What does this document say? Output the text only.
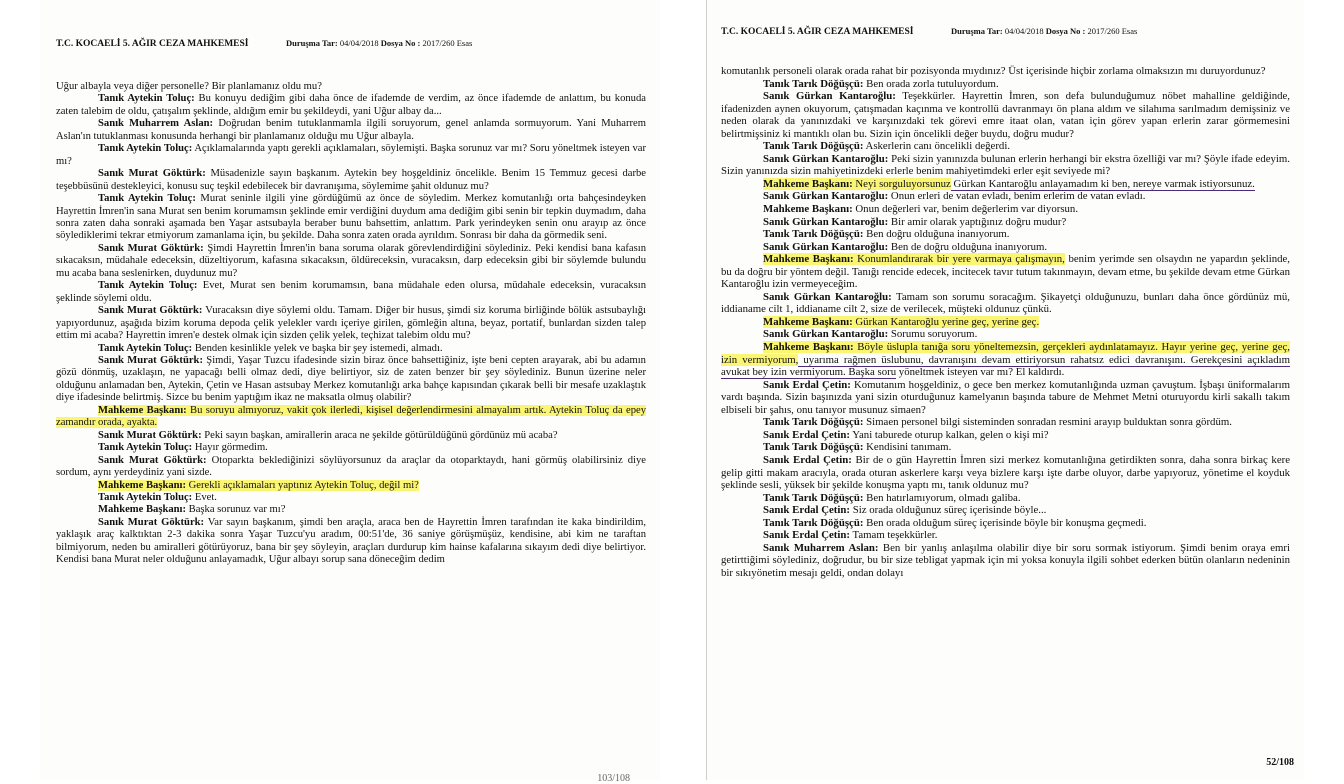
T.C. KOCAELİ 5. AĞIR CEZA MAHKEMESİ	Duruşma Tar: 04/04/2018 Dosya No : 2017/260 Esas

Uğur albayla veya diğer personelle? Bir planlamanız oldu mu?

Tanık Aytekin Toluç: Bu konuyu dediğim gibi daha önce de ifademde de verdim, az önce ifademde de anlattım, bu konuda zaten talebim de oldu, çatışalım şeklinde, aldığım emir bu şekildeydi, yani Uğur albay da...

Sanık Muharrem Aslan: Doğrudan benim tutuklanmamla ilgili soruyorum, genel anlamda sormuyorum. Yani Muharrem Aslan'ın tutuklanması konusunda herhangi bir planlamanız olduğu mu Uğur albayla.

Tanık Aytekin Toluç: Açıklamalarında yaptı gerekli açıklamaları, söylemişti. Başka sorunuz var mı? Soru yöneltmek isteyen var mı?

Sanık Murat Göktürk: Müsadenizle sayın başkanım. Aytekin bey hoşgeldiniz öncelikle. Benim 15 Temmuz gecesi darbe teşebbüsünü destekleyici, konusu suç teşkil edebilecek bir davranışıma, söylemime şahit oldunuz mu?

Tanık Aytekin Toluç: Murat seninle ilgili yine gördüğümü az önce de söyledim. Merkez komutanlığı orta bahçesindeyken Hayrettin İmren'in sana Murat sen benim korumamsın şeklinde emir verdiğini duydum ama dediğim gibi senin bir tepkin duymadım, daha sonra zaten daha sonraki aşamada ben Yaşar astsubayla beraber bunu bahsettim, anlattım. Park yerindeyken senin onu arayıp az önce söylediklerimi tekrar etmiyorum zamanlama için, bu şekilde. Daha sonra zaten orada ayrıldım. Sonrası bir daha da görmedik seni.

Sanık Murat Göktürk: Şimdi Hayrettin İmren'in bana soruma olarak görevlendirdiğini söylediniz. Peki kendisi bana kafasın sıkacaksın, müdahale edeceksin, düzeltiyorum, kafasına sıkacaksın, öldüreceksin, vuracaksın, darp edeceksin gibi bir söylemde bulundu mu acaba bana seslenirken, duydunuz mu?

Tanık Aytekin Toluç: Evet, Murat sen benim korumamsın, bana müdahale eden olursa, müdahale edeceksin, vuracaksın şeklinde söylemi oldu.

Sanık Murat Göktürk: Vuracaksın diye söylemi oldu. Tamam. Diğer bir husus, şimdi siz koruma birliğinde bölük astsubaylığı yapıyordunuz, aşağıda bizim koruma depoda çelik yelekler vardı içeriye girilen, gömleğin altına, beyaz, portatif, bunlardan sizden talep ettim mi acaba? Hayrettin imren'e destek olmak için sizden çelik yelek, teçhizat talebim oldu mu?

Tanık Aytekin Toluç: Benden kesinlikle yelek ve başka bir şey istemedi, almadı.

Sanık Murat Göktürk: Şimdi, Yaşar Tuzcu ifadesinde sizin biraz önce bahsettiğiniz, işte beni cepten arayarak, abi bu adamın gözü dönmüş, uzaklaşın, ne yapacağı belli olmaz dedi, diye belirtiyor, siz de zaten benzer bir şey söylediniz. Bunun üzerine neler olduğunu anlamadan ben, Aytekin, Çetin ve Hasan astsubay Merkez komutanlığı arka bahçe kapısından çıkarak belli bir mesafe uzaklaştık diye ifadesinde belirtmiş. Sizce bu benim yaptığım ikaz ne maksatla olmuş olabilir?

Mahkeme Başkanı: Bu soruyu almıyoruz, vakit çok ilerledi, kişisel değerlendirmesini almayalım artık. Aytekin Toluç da epey zamandır orada, ayakta.

Sanık Murat Göktürk: Peki sayın başkan, amirallerin araca ne şekilde götürüldüğünü gördünüz mü acaba?

Tanık Aytekin Toluç: Hayır görmedim.

Sanık Murat Göktürk: Otoparkta beklediğinizi söylüyorsunuz da araçlar da otoparktaydı, hani görmüş olabilirsiniz diye sordum, aynı yerdeydiniz yani sizde.

Mahkeme Başkanı: Gerekli açıklamaları yaptınız Aytekin Toluç, değil mi?

Tanık Aytekin Toluç: Evet.

Mahkeme Başkanı: Başka sorunuz var mı?

Sanık Murat Göktürk: Var sayın başkanım, şimdi ben araçla, araca ben de Hayrettin İmren tarafından ite kaka bindirildim, yaklaşık araç kalktıktan 2-3 dakika sonra Yaşar Tuzcu'yu aradım, 00:51'de, 36 saniye görüşmüşüz, kendisine, abi kim ne taraftan bilmiyorum, neden bu amiralleri götürüyoruz, bana bir şey söyleyin, araçları durdurup kim hainse kafalarına sıkayım dedi diye belirtiyor. Kendisi bana Murat neler olduğunu anlayamadık, Uğur albayı sorup sana döneceğim dedim

103/108
T.C. KOCAELİ 5. AĞIR CEZA MAHKEMESİ	Duruşma Tar: 04/04/2018 Dosya No : 2017/260 Esas

komutanlık personeli olarak orada rahat bir pozisyonda mıydınız? Üst içerisinde hiçbir zorlama olmaksızın mı duruyordunuz?

Tanık Tarık Döğüşçü: Ben orada zorla tutuluyordum.

Sanık Gürkan Kantaroğlu: Teşekkürler. Hayrettin İmren, son defa bulunduğumuz nöbet mahalline geldiğinde, ifadenizden aynen okuyorum, çatışmadan kaçınma ve kontrollü davranmayı ön plana aldım ve silahıma sarılmadım demişsiniz ve neden olarak da yanınızdaki ve karşınızdaki tek görevi emre itaat olan, vatan için görev yapan erlerin zarar görmemesini belirtmişsiniz ki mantıklı olan bu. Sizin için öncelikli değer buydu, doğru mudur?

Tanık Tarık Döğüşçü: Askerlerin canı öncelikli değerdi.

Sanık Gürkan Kantaroğlu: Peki sizin yanınızda bulunan erlerin herhangi bir ekstra özelliği var mı? Şöyle ifade edeyim. Sizin yanınızda sizin mahiyetinizdeki erlerle benim mahiyetimdeki erler eşit seviyede mi?

Mahkeme Başkanı: Neyi sorguluyorsunuz Gürkan Kantaroğlu anlayamadım ki ben, nereye varmak istiyorsunuz.

Sanık Gürkan Kantaroğlu: Onun erleri de vatan evladı, benim erlerim de vatan evladı.

Mahkeme Başkanı: Onun değerleri var, benim değerlerim var diyorsun.

Sanık Gürkan Kantaroğlu: Bir amir olarak yaptığınız doğru mudur?

Tanık Tarık Döğüşçü: Ben doğru olduğuna inanıyorum.

Sanık Gürkan Kantaroğlu: Ben de doğru olduğuna inanıyorum.

Mahkeme Başkanı: Konumlandırarak bir yere varmaya çalışmayın, benim yerimde sen olsaydın ne yapardın şeklinde, bu da doğru bir yöntem değil. Tanığı rencide edecek, incitecek tavır tutum takınmayın, devam etme, bu şekilde devam etme Gürkan Kantaroğlu izin vermeyeceğim.

Sanık Gürkan Kantaroğlu: Tamam son sorumu soracağım. Şikayetçi olduğunuzu, bunları daha önce gördünüz mü, iddianame cilt 1, iddianame cilt 2, size de verilecek, müşteki oldunuz çünkü.

Mahkeme Başkanı: Gürkan Kantaroğlu yerine geç, yerine geç.

Sanık Gürkan Kantaroğlu: Sorumu soruyorum.

Mahkeme Başkanı: Böyle üslupla tanığa soru yöneltemezsin, gerçekleri aydınlatamayız. Hayır yerine geç, yerine geç, izin vermiyorum, uyarıma rağmen üslubunu, davranışını devam ettiriyorsun rahatsız edici davranışını. Gerekçesini açıkladım avukat bey izin vermiyorum. Başka soru yöneltmek isteyen var mı? El kaldırdı.

Sanık Erdal Çetin: Komutanım hoşgeldiniz, o gece ben merkez komutanlığında uzman çavuştum. İşbaşı üniformalarım vardı başında. Sizin başınızda yani sizin oturduğunuz kamelyanın başında tabure de Mehmet Metni oturuyordu kirli sakallı takım elbiseli bir şahıs, onu tanıyor musunuz simaen?

Tanık Tarık Döğüşçü: Simaen personel bilgi sisteminden sonradan resmini arayıp bulduktan sonra gördüm.

Sanık Erdal Çetin: Yani taburede oturup kalkan, gelen o kişi mi?

Tanık Tarık Döğüşçü: Kendisini tanımam.

Sanık Erdal Çetin: Bir de o gün Hayrettin İmren sizi merkez komutanlığına getirdikten sonra, daha sonra birkaç kere gelip gitti makam aracıyla, orada oturan askerlere karşı veya bizlere karşı işte darbe oluyor, darbe yapıyoruz, yönetime el koyduk şeklinde sesli, yüksek bir şekilde konuşma yaptı mı, tanık oldunuz mu?

Tanık Tarık Döğüşçü: Ben hatırlamıyorum, olmadı galiba.

Sanık Erdal Çetin: Siz orada olduğunuz süreç içerisinde böyle...

Tanık Tarık Döğüşçü: Ben orada olduğum süreç içerisinde böyle bir konuşma geçmedi.

Sanık Erdal Çetin: Tamam teşekkürler.

Sanık Muharrem Aslan: Ben bir yanlış anlaşılma olabilir diye bir soru sormak istiyorum. Şimdi benim oraya emri getirttiğimi söylediniz, doğrudur, bu bir size tebligat yapmak için mi yoksa konuyla ilgili sohbet ederken bütün olanların nedeninin bir sıkıyönetim mesajı geldi, ondan dolayı

52/108
